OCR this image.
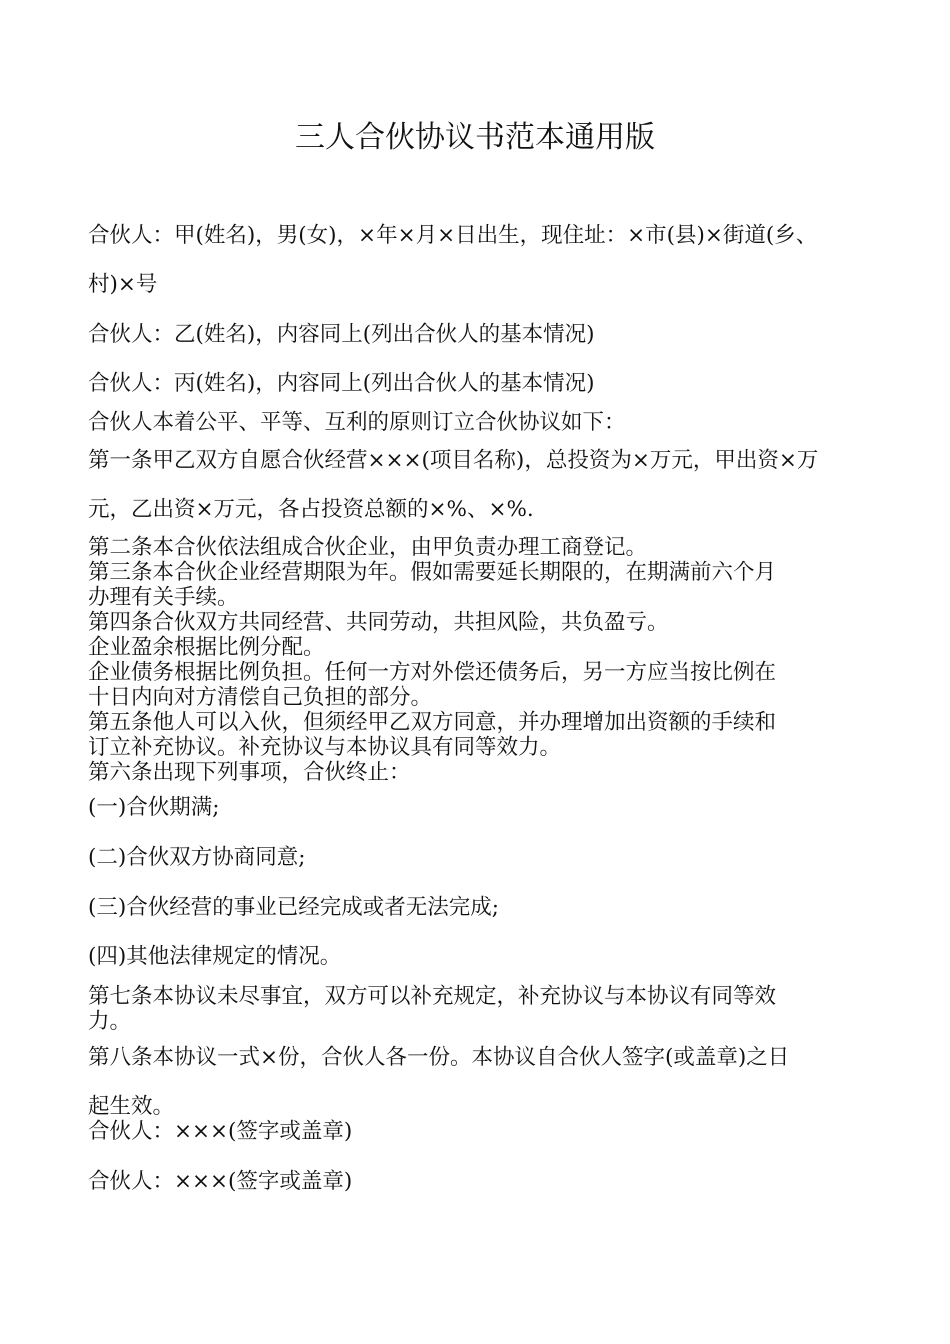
三人合伙协议书范本通用版

合伙人：甲(姓名)，男(女)，×年×月×日出生，现住址：×市(县)×街道(乡、
村)×号

合伙人：乙(姓名)，内容同上(列出合伙人的基本情况)

合伙人：丙(姓名)，内容同上(列出合伙人的基本情况)

合伙人本着公平、平等、互利的原则订立合伙协议如下：

第一条甲乙双方自愿合伙经营×××(项目名称)，总投资为×万元，甲出资×万
元，乙出资×万元，各占投资总额的×%、×%.

第二条本合伙依法组成合伙企业，由甲负责办理工商登记。
第三条本合伙企业经营期限为年。假如需要延长期限的，在期满前六个月
办理有关手续。
第四条合伙双方共同经营、共同劳动，共担风险，共负盈亏。
企业盈余根据比例分配。
企业债务根据比例负担。任何一方对外偿还债务后，另一方应当按比例在
十日内向对方清偿自己负担的部分。
第五条他人可以入伙，但须经甲乙双方同意，并办理增加出资额的手续和
订立补充协议。补充协议与本协议具有同等效力。
第六条出现下列事项，合伙终止：

(一)合伙期满;

(二)合伙双方协商同意;

(三)合伙经营的事业已经完成或者无法完成;

(四)其他法律规定的情况。

第七条本协议未尽事宜，双方可以补充规定，补充协议与本协议有同等效
力。

第八条本协议一式×份，合伙人各一份。本协议自合伙人签字(或盖章)之日
起生效。

合伙人：×××(签字或盖章)

合伙人：×××(签字或盖章)
